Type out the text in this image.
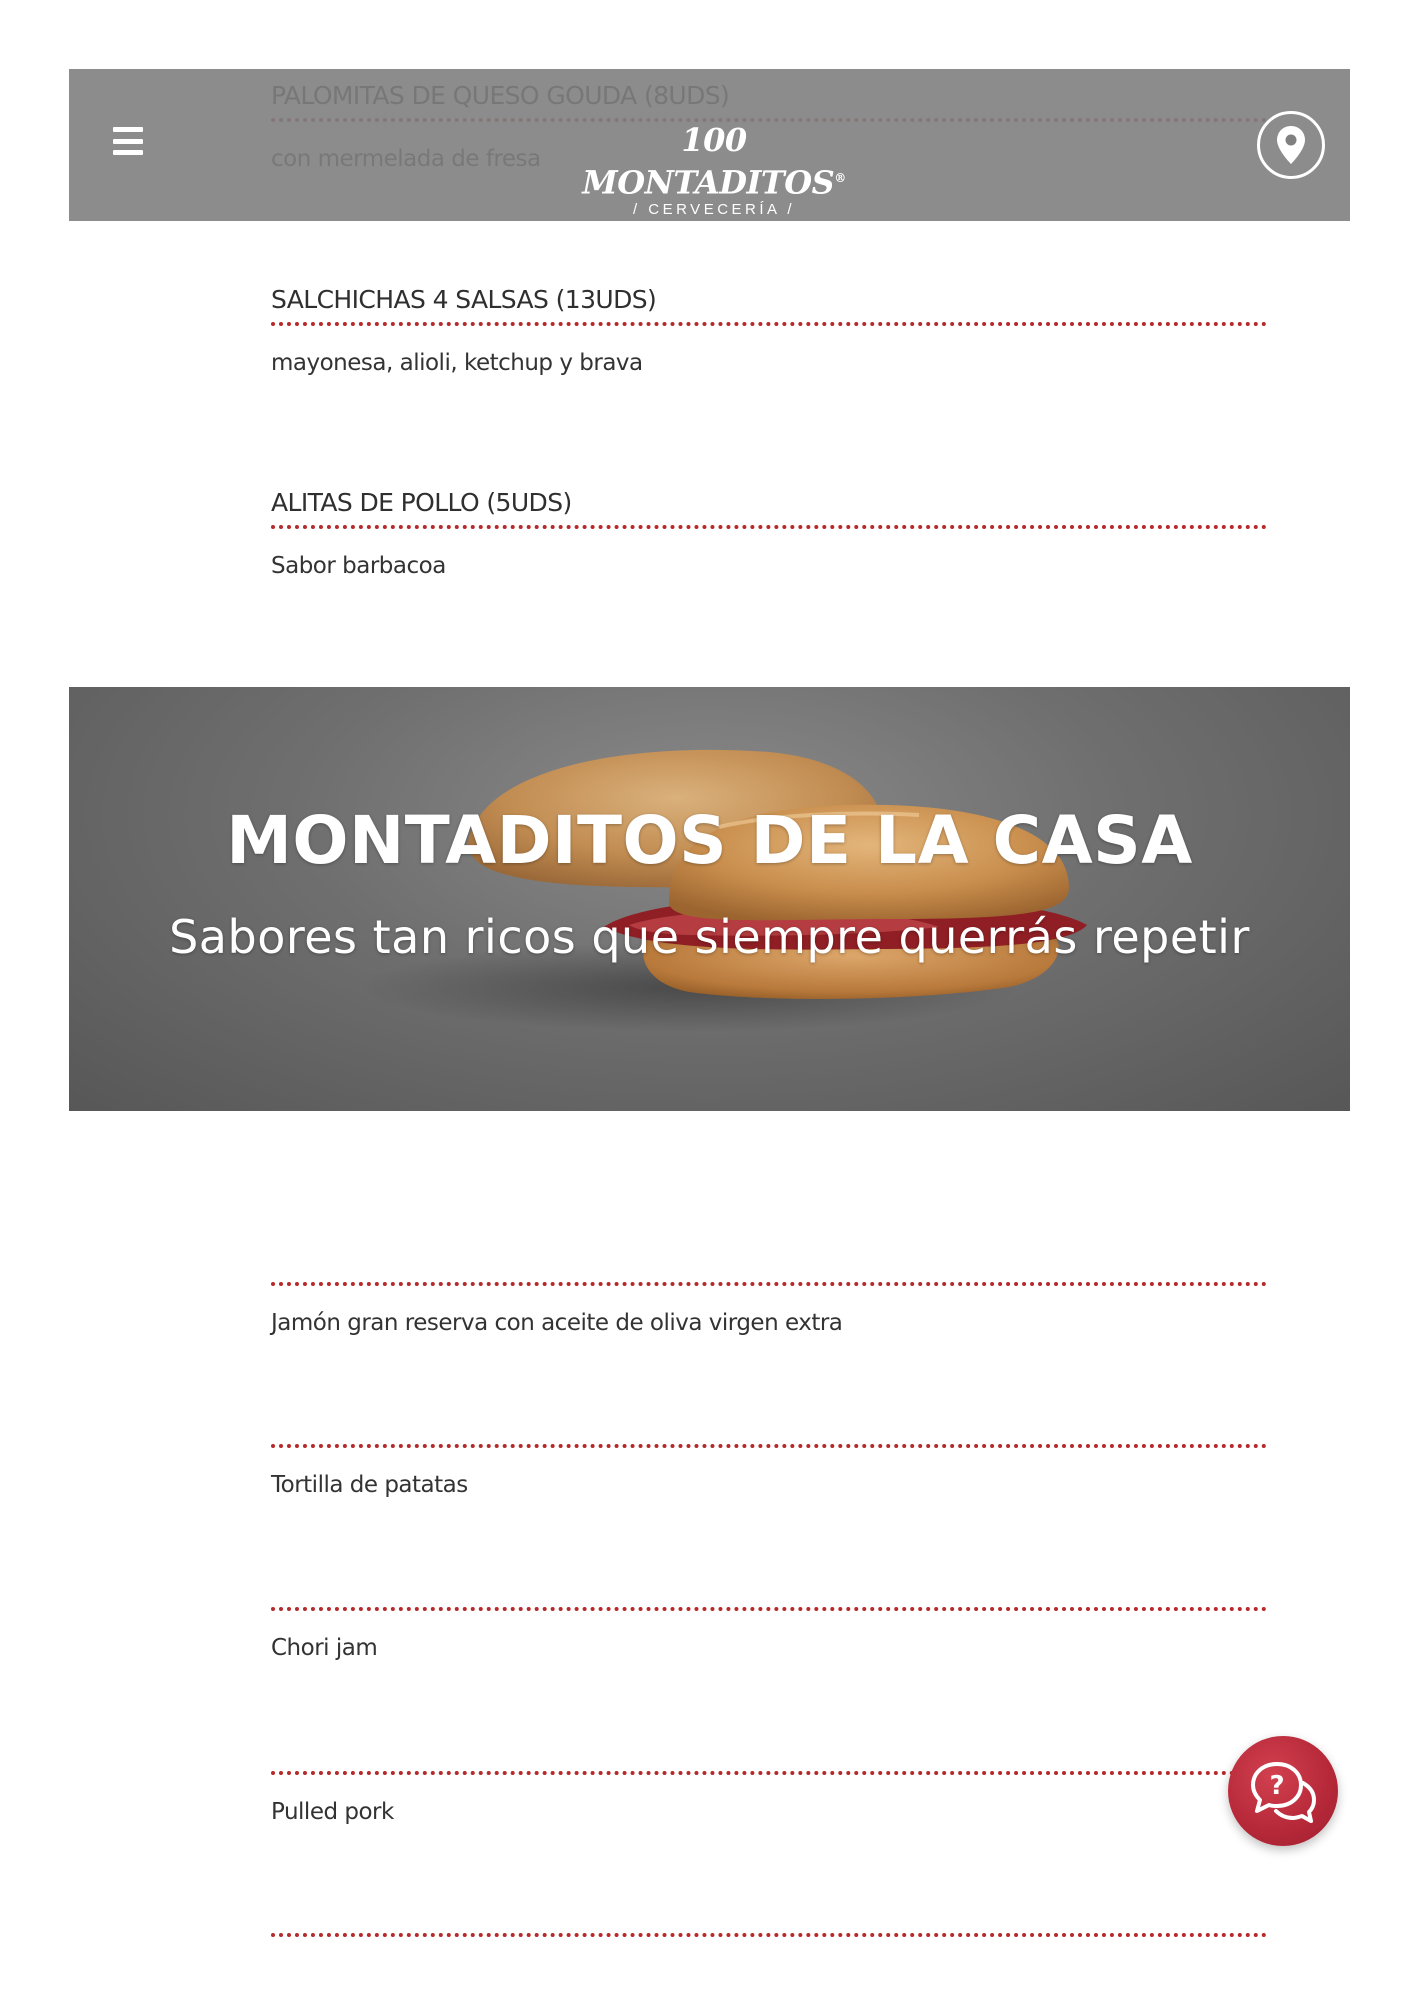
SALCHICHAS 4 SALSAS (13UDS)
mayonesa, alioli, ketchup y brava
ALITAS DE POLLO (5UDS)
Sabor barbacoa
100 MONTADITOS®
/ CERVECERÍA /
MONTADITOS DE LA CASA

Sabores tan ricos que siempre querrás repetir

Jamón gran reserva con aceite de oliva virgen extra
Tortilla de patatas
Chori jam
Pulled pork
?
